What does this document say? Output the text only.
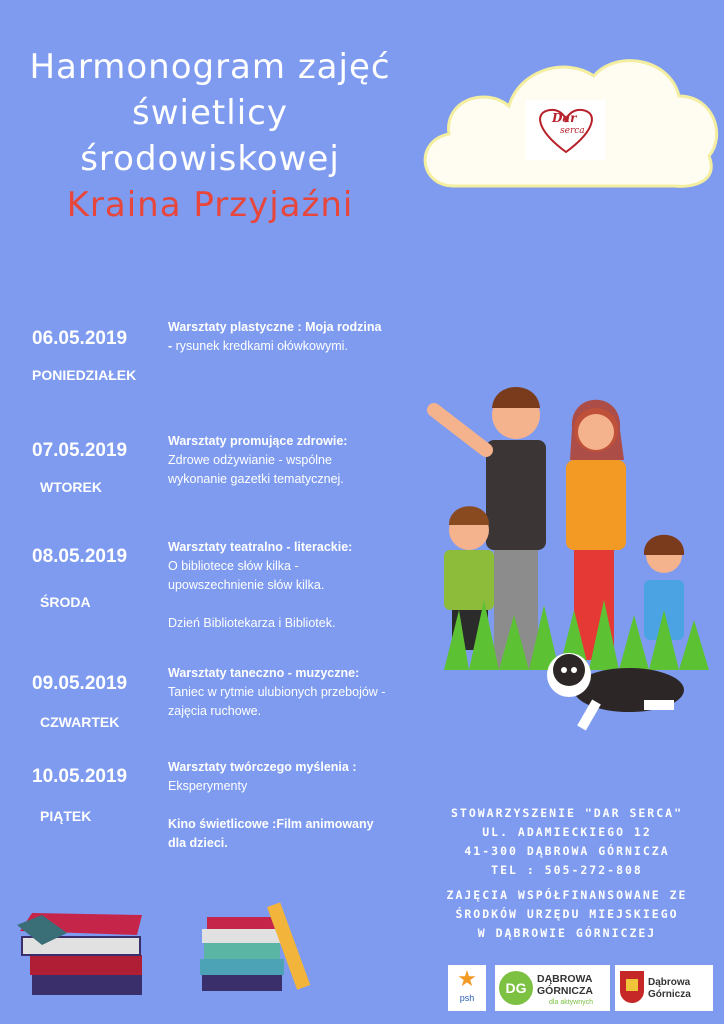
Harmonogram zajęć
świetlicy
środowiskowej
Kraina Przyjaźni
Dar
serca
06.05.2019
PONIEDZIAŁEK
Warsztaty plastyczne : Moja rodzina - rysunek kredkami ołówkowymi.
07.05.2019
WTOREK
Warsztaty promujące zdrowie:
Zdrowe odżywianie - wspólne wykonanie gazetki tematycznej.
08.05.2019
ŚRODA
Warsztaty teatralno - literackie:
O bibliotece słów kilka - upowszechnienie słów kilka.
Dzień Bibliotekarza i Bibliotek.
09.05.2019
CZWARTEK
Warsztaty taneczno - muzyczne:
Taniec w rytmie ulubionych przebojów - zajęcia ruchowe.
10.05.2019
PIĄTEK
Warsztaty twórczego myślenia :
Eksperymenty
Kino świetlicowe :Film animowany dla dzieci.
STOWARZYSZENIE "DAR SERCA"
UL. ADAMIECKIEGO 12
41-300 DĄBROWA GÓRNICZA
TEL : 505-272-808
ZAJĘCIA WSPÓŁFINANSOWANE ZE
ŚRODKÓW URZĘDU MIEJSKIEGO
W DĄBROWIE GÓRNICZEJ
★
psh
DG
DĄBROWA
GÓRNICZA
dla aktywnych
Dąbrowa
Górnicza
